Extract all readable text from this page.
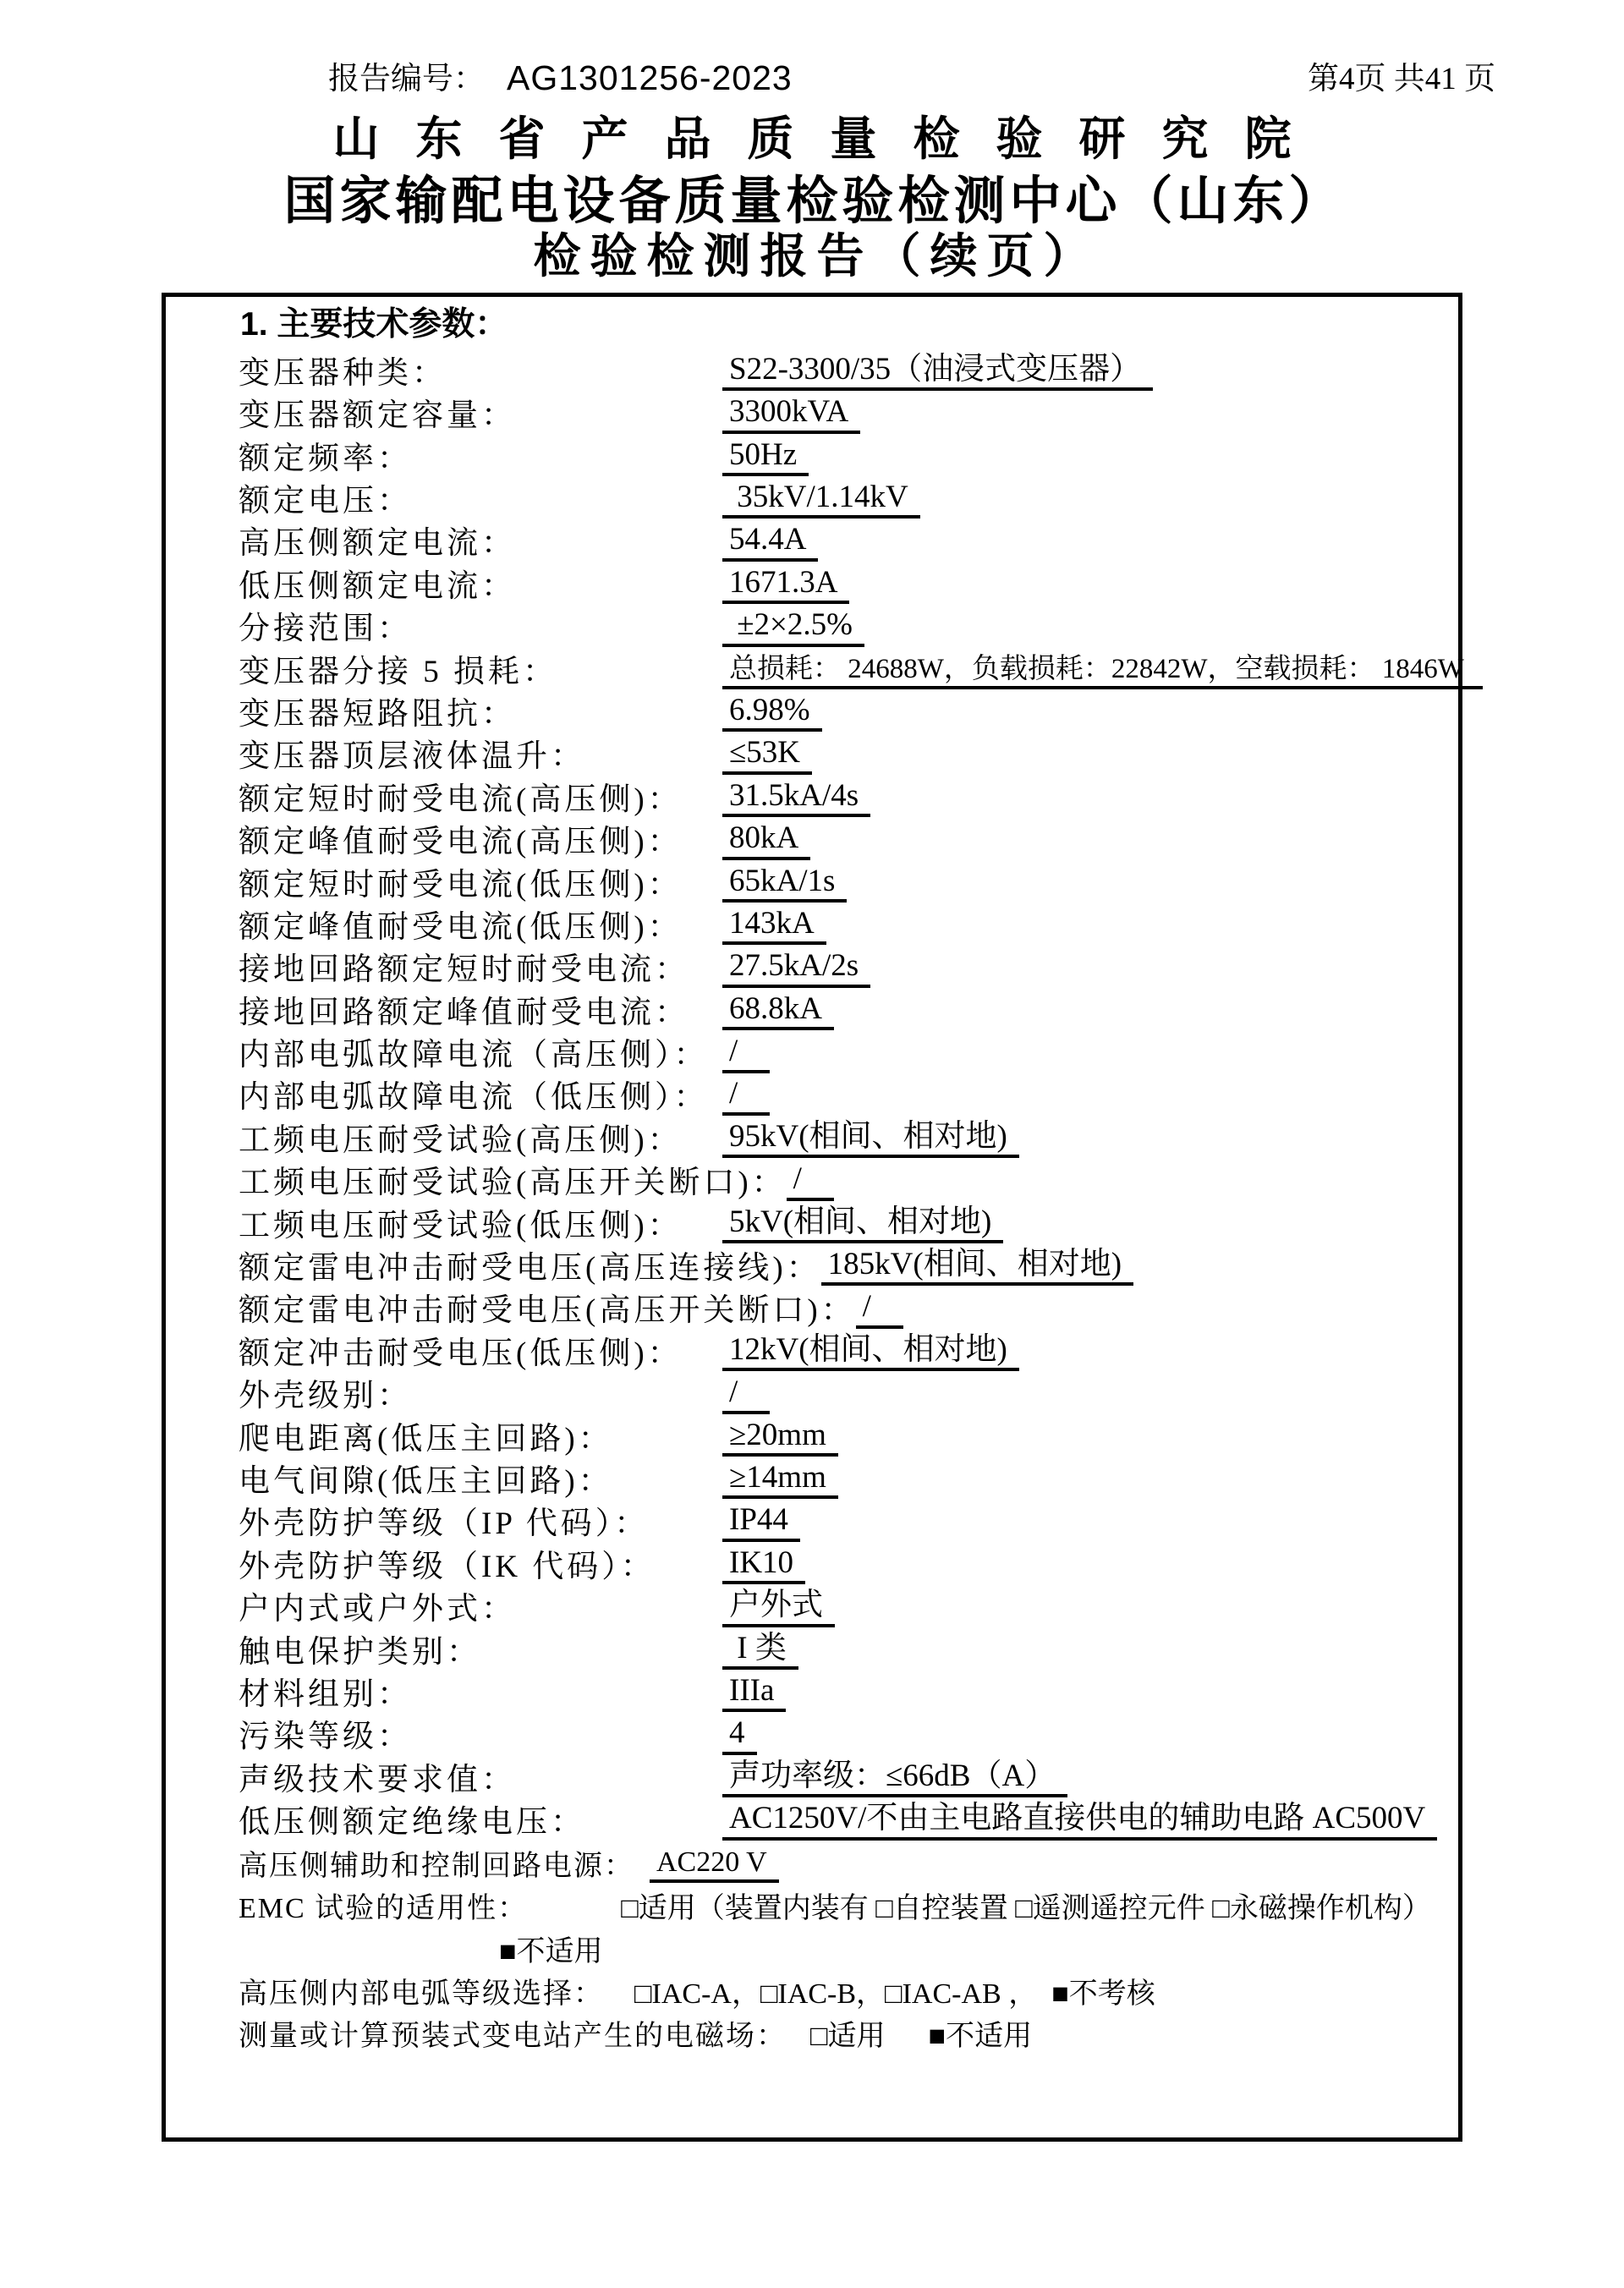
报告编号： AG1301256-2023	第4页 共41 页
山东省产品质量检验研究院
国家输配电设备质量检验检测中心（山东）
检验检测报告（续页）
1. 主要技术参数：
变压器种类：	S22-3300/35（油浸式变压器）
变压器额定容量：	3300kVA
额定频率：	50Hz
额定电压：	35kV/1.14kV
高压侧额定电流：	54.4A
低压侧额定电流：	1671.3A
分接范围：	±2×2.5%
变压器分接 5 损耗：	总损耗： 24688W，负载损耗：22842W，空载损耗： 1846W
变压器短路阻抗：	6.98%
变压器顶层液体温升：	≤53K
额定短时耐受电流(高压侧)：	31.5kA/4s
额定峰值耐受电流(高压侧)：	80kA
额定短时耐受电流(低压侧)：	65kA/1s
额定峰值耐受电流(低压侧)：	143kA
接地回路额定短时耐受电流：	27.5kA/2s
接地回路额定峰值耐受电流：	68.8kA
内部电弧故障电流（高压侧）： /
内部电弧故障电流（低压侧）： /
工频电压耐受试验(高压侧)：	95kV(相间、相对地)
工频电压耐受试验(高压开关断口)： /
工频电压耐受试验(低压侧)：	5kV(相间、相对地)
额定雷电冲击耐受电压(高压连接线)： 185kV(相间、相对地)
额定雷电冲击耐受电压(高压开关断口)： /
额定冲击耐受电压(低压侧)：	12kV(相间、相对地)
外壳级别：	/
爬电距离(低压主回路)：	≥20mm
电气间隙(低压主回路)：	≥14mm
外壳防护等级（IP 代码）：	IP44
外壳防护等级（IK 代码）：	IK10
户内式或户外式：	户外式
触电保护类别：	I 类
材料组别：	IIIa
污染等级：	4
声级技术要求值：	声功率级：≤66dB（A）
低压侧额定绝缘电压：	AC1250V/不由主电路直接供电的辅助电路 AC500V
高压侧辅助和控制回路电源： AC220 V
EMC 试验的适用性：	□适用（装置内装有 □自控装置 □遥测遥控元件 □永磁操作机构）
■不适用
高压侧内部电弧等级选择： □IAC-A，□IAC-B，□IAC-AB ，  ■不考核
测量或计算预装式变电站产生的电磁场： □适用      ■不适用
